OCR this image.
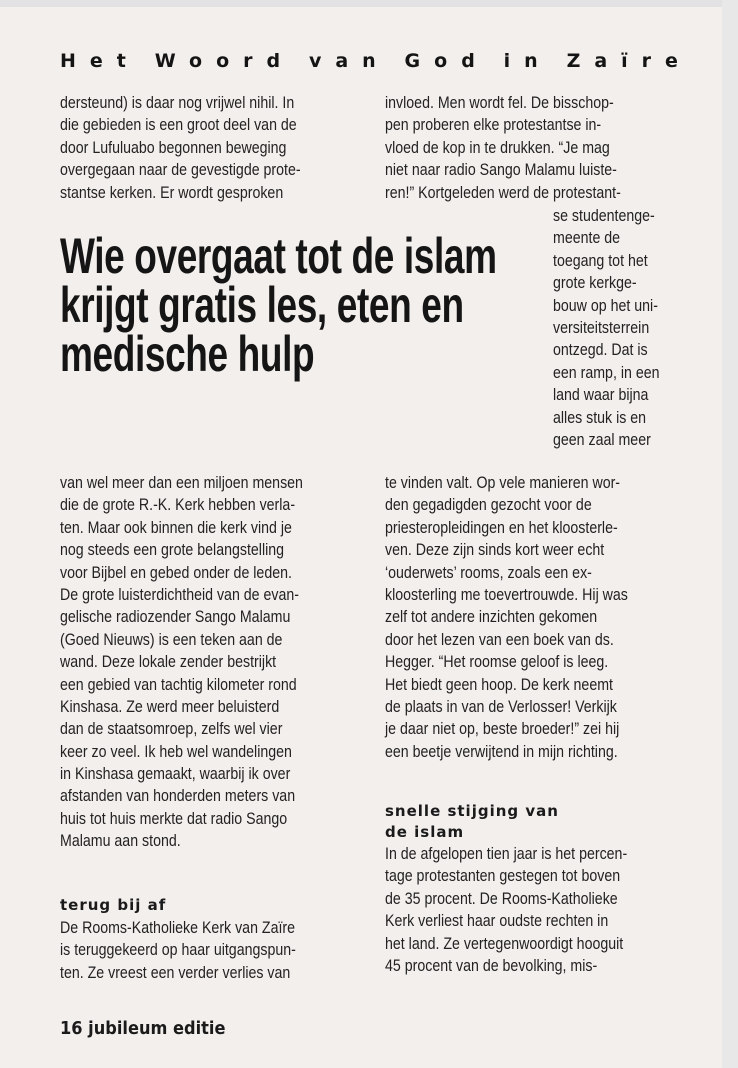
Het Woord van God in Zaïre
dersteund) is daar nog vrijwel nihil. In
die gebieden is een groot deel van de
door Lufuluabo begonnen beweging
overgegaan naar de gevestigde prote-
stantse kerken. Er wordt gesproken
invloed. Men wordt fel. De bisschop-
pen proberen elke protestantse in-
vloed de kop in te drukken. “Je mag
niet naar radio Sango Malamu luiste-
ren!” Kortgeleden werd de protestant-
se studentenge-
meente de
toegang tot het
grote kerkge-
bouw op het uni-
versiteitsterrein
ontzegd. Dat is
een ramp, in een
land waar bijna
alles stuk is en
geen zaal meer
Wie overgaat tot de islam
krijgt gratis les, eten en
medische hulp
van wel meer dan een miljoen mensen
die de grote R.-K. Kerk hebben verla-
ten. Maar ook binnen die kerk vind je
nog steeds een grote belangstelling
voor Bijbel en gebed onder de leden.
De grote luisterdichtheid van de evan-
gelische radiozender Sango Malamu
(Goed Nieuws) is een teken aan de
wand. Deze lokale zender bestrijkt
een gebied van tachtig kilometer rond
Kinshasa. Ze werd meer beluisterd
dan de staatsomroep, zelfs wel vier
keer zo veel. Ik heb wel wandelingen
in Kinshasa gemaakt, waarbij ik over
afstanden van honderden meters van
huis tot huis merkte dat radio Sango
Malamu aan stond.
terug bij af
De Rooms-Katholieke Kerk van Zaïre
is teruggekeerd op haar uitgangspun-
ten. Ze vreest een verder verlies van
te vinden valt. Op vele manieren wor-
den gegadigden gezocht voor de
priesteropleidingen en het kloosterle-
ven. Deze zijn sinds kort weer echt
‘ouderwets’ rooms, zoals een ex-
kloosterling me toevertrouwde. Hij was
zelf tot andere inzichten gekomen
door het lezen van een boek van ds.
Hegger. “Het roomse geloof is leeg.
Het biedt geen hoop. De kerk neemt
de plaats in van de Verlosser! Verkijk
je daar niet op, beste broeder!” zei hij
een beetje verwijtend in mijn richting.
snelle stijging van
de islam
In de afgelopen tien jaar is het percen-
tage protestanten gestegen tot boven
de 35 procent. De Rooms-Katholieke
Kerk verliest haar oudste rechten in
het land. Ze vertegenwoordigt hooguit
45 procent van de bevolking, mis-
16 jubileum editie
